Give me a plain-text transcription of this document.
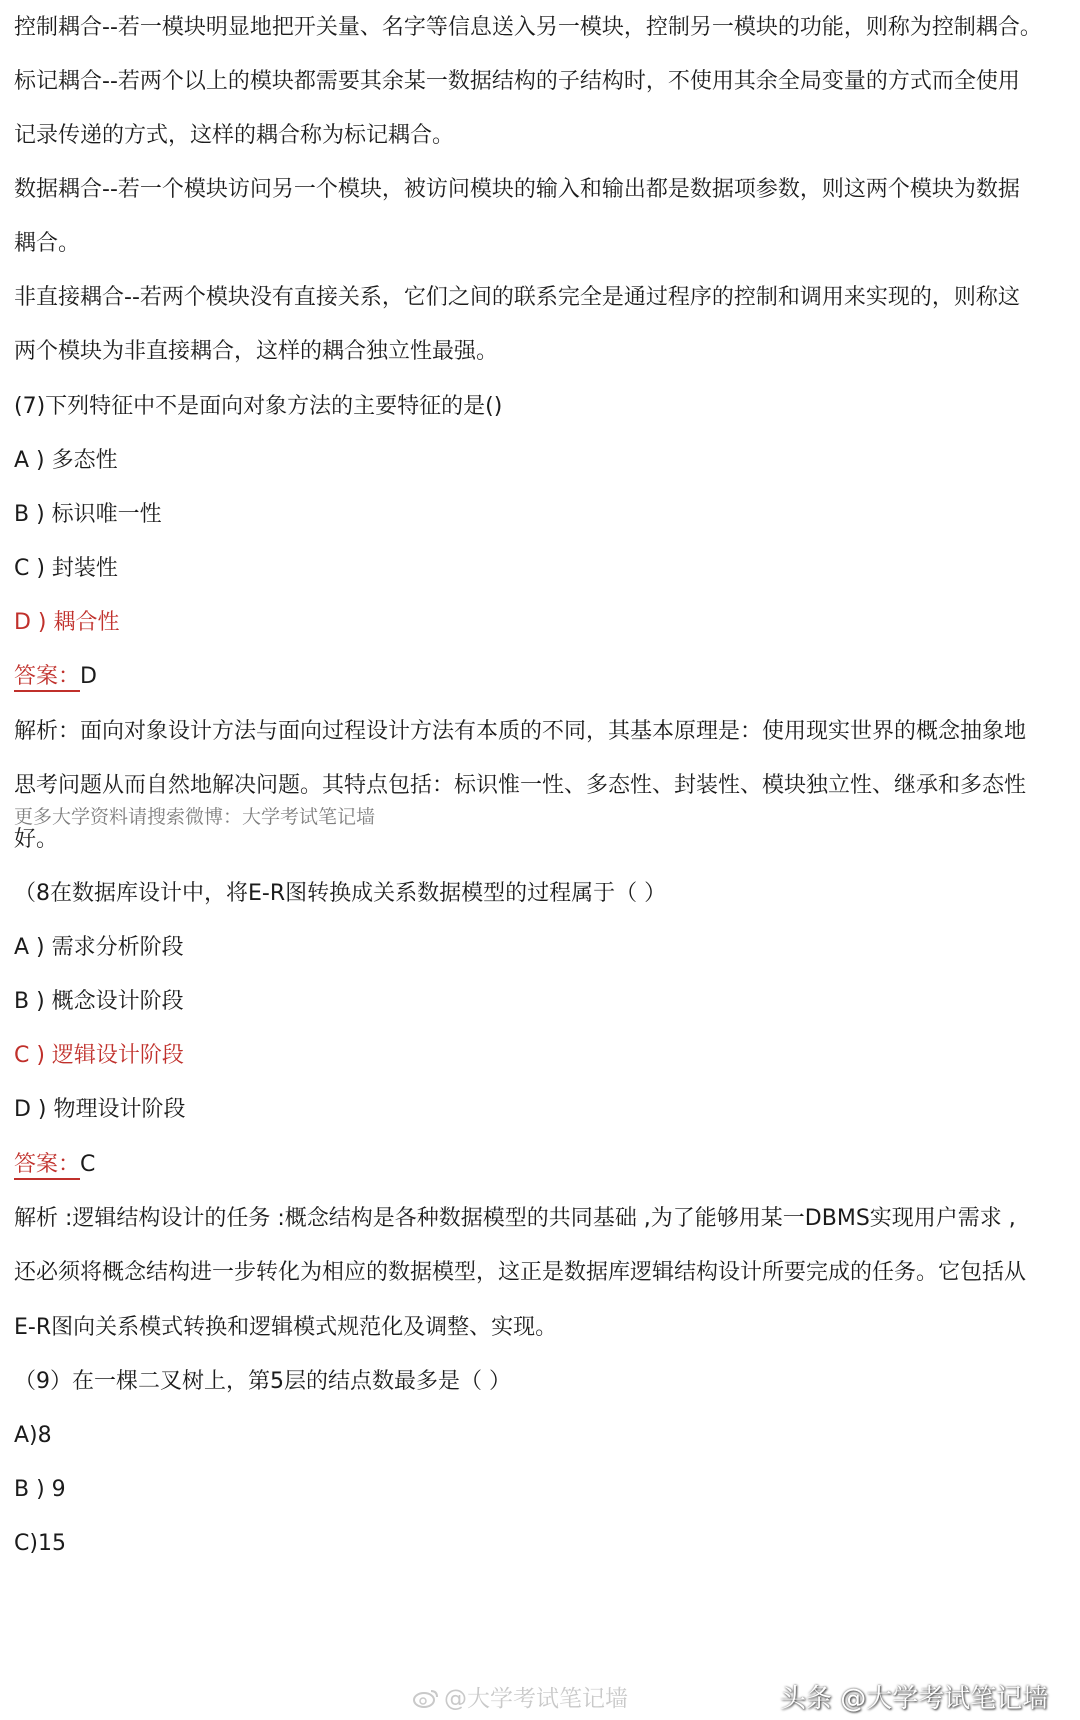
控制耦合--若一模块明显地把开关量、名字等信息送入另一模块，控制另一模块的功能，则称为控制耦合。
标记耦合--若两个以上的模块都需要其余某一数据结构的子结构时，不使用其余全局变量的方式而全使用
记录传递的方式，这样的耦合称为标记耦合。
数据耦合--若一个模块访问另一个模块，被访问模块的输入和输出都是数据项参数，则这两个模块为数据
耦合。
非直接耦合--若两个模块没有直接关系，它们之间的联系完全是通过程序的控制和调用来实现的，则称这
两个模块为非直接耦合，这样的耦合独立性最强。
(7)下列特征中不是面向对象方法的主要特征的是()
A ) 多态性
B ) 标识唯一性
C ) 封装性
D ) 耦合性
答案：D
解析：面向对象设计方法与面向过程设计方法有本质的不同，其基本原理是：使用现实世界的概念抽象地
更多大学资料请搜索微博：大学考试笔记墙
思考问题从而自然地解决问题。其特点包括：标识惟一性、多态性、封装性、模块独立性、继承和多态性
好。
（8在数据库设计中，将E-R图转换成关系数据模型的过程属于（ ）
A ) 需求分析阶段
B ) 概念设计阶段
C ) 逻辑设计阶段
D ) 物理设计阶段
答案：C
解析 :逻辑结构设计的任务 :概念结构是各种数据模型的共同基础 ,为了能够用某一DBMS实现用户需求 ,
还必须将概念结构进一步转化为相应的数据模型，这正是数据库逻辑结构设计所要完成的任务。它包括从
E-R图向关系模式转换和逻辑模式规范化及调整、实现。
（9）在一棵二叉树上，第5层的结点数最多是（ ）
A)8
B ) 9
C)15
@大学考试笔记墙	头条 @大学考试笔记墙
